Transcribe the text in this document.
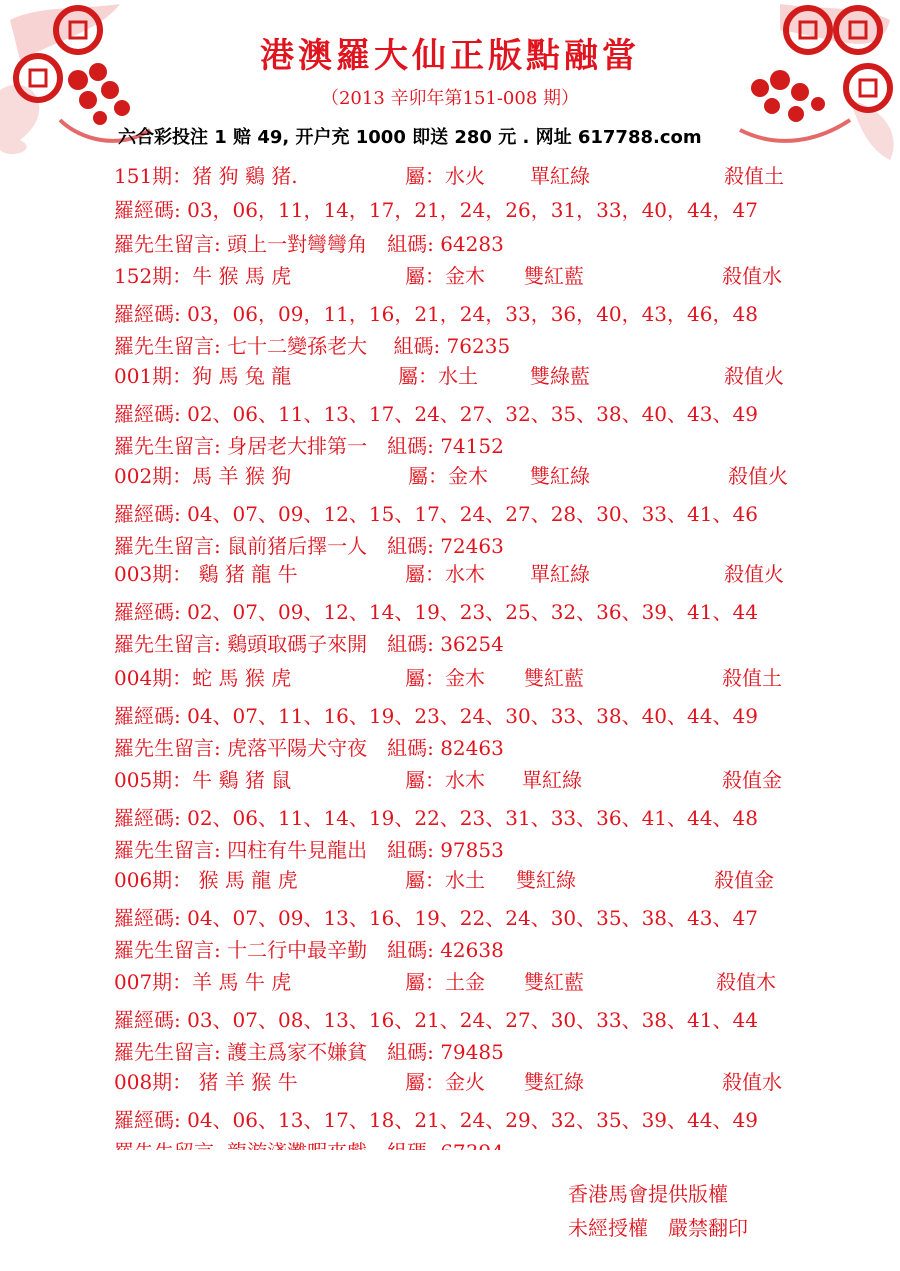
港澳羅大仙正版點融當
（2013 辛卯年第151-008 期）
六合彩投注 1 赔 49, 开户充 1000 即送 280 元 . 网址 617788.com
151期：猪 狗 鷄 猪.	屬：水火 單紅綠	殺值土
羅經碼: 03，06，11，14，17，21，24，26，31，33，40，44，47
羅先生留言: 頭上一對彎彎角　組碼: 64283
152期：牛 猴 馬 虎	屬：金木 雙紅藍	殺值水
羅經碼: 03，06，09，11，16，21，24，33，36，40，43，46，48
羅先生留言: 七十二變孫老大　 組碼: 76235
001期：狗 馬 兔 龍	屬：水土	雙綠藍	殺值火
羅經碼: 02、06、11、13、17、24、27、32、35、38、40、43、49
羅先生留言: 身居老大排第一　組碼: 74152
002期：馬 羊 猴 狗	屬：金木 雙紅綠	殺值火
羅經碼: 04、07、09、12、15、17、24、27、28、30、33、41、46
羅先生留言: 鼠前猪后擇一人　組碼: 72463
003期： 鷄 猪 龍 牛	屬：水木 單紅綠	殺值火
羅經碼: 02、07、09、12、14、19、23、25、32、36、39、41、44
羅先生留言: 鷄頭取碼子來開　組碼: 36254
004期：蛇 馬 猴 虎	屬：金木 雙紅藍	殺值土
羅經碼: 04、07、11、16、19、23、24、30、33、38、40、44、49
羅先生留言: 虎落平陽犬守夜　組碼: 82463
005期：牛 鷄 猪 鼠	屬：水木 單紅綠	殺值金
羅經碼: 02、06、11、14、19、22、23、31、33、36、41、44、48
羅先生留言: 四柱有牛見龍出　組碼: 97853
006期： 猴 馬 龍 虎	屬：水土 雙紅綠	殺值金
羅經碼: 04、07、09、13、16、19、22、24、30、35、38、43、47
羅先生留言: 十二行中最辛勤　組碼: 42638
007期：羊 馬 牛 虎	屬：土金 雙紅藍	殺值木
羅經碼: 03、07、08、13、16、21、24、27、30、33、38、41、44
羅先生留言: 護主爲家不嫌貧　組碼: 79485
008期： 猪 羊 猴 牛	屬：金火 雙紅綠	殺值水
羅經碼: 04、06、13、17、18、21、24、29、32、35、39、44、49
香港馬會提供版權
未經授權　嚴禁翻印
